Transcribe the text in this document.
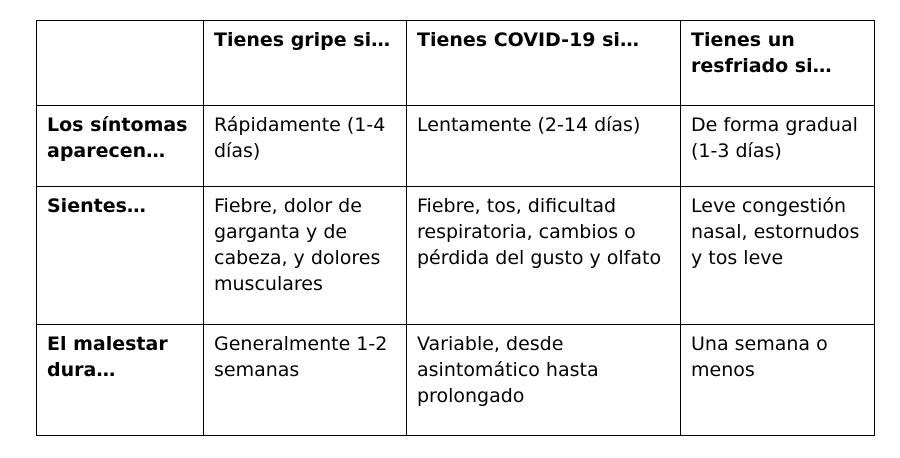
	Tienes gripe si…	Tienes COVID-19 si…	Tienes un resfriado si…
Los síntomas aparecen…	Rápidamente (1-4 días)	Lentamente (2-14 días)	De forma gradual (1-3 días)
Sientes…	Fiebre, dolor de garganta y de cabeza, y dolores musculares	Fiebre, tos, dificultad respiratoria, cambios o pérdida del gusto y olfato	Leve congestión nasal, estornudos y tos leve
El malestar dura…	Generalmente 1-2 semanas	Variable, desde asintomático hasta prolongado	Una semana o menos
